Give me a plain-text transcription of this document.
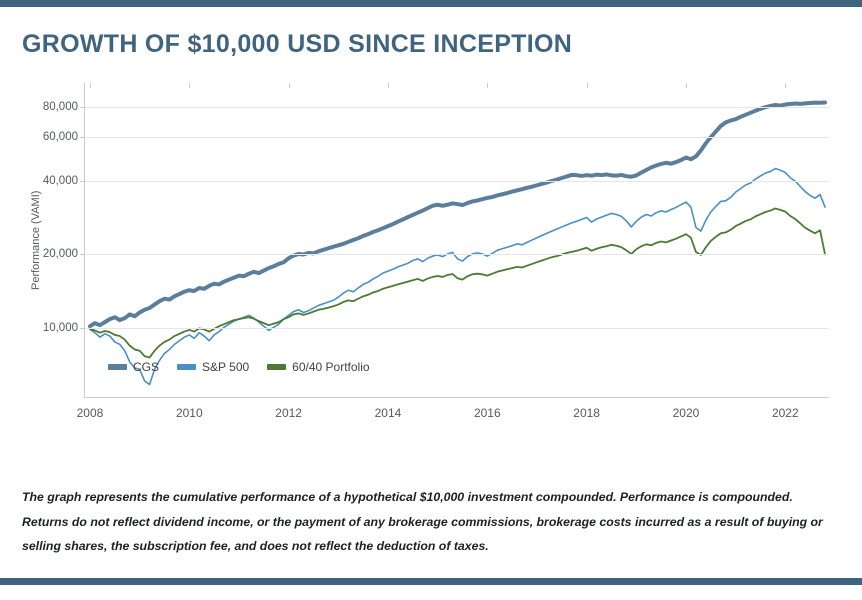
GROWTH OF $10,000 USD SINCE INCEPTION
Performance (VAMI)
10,000
20,000
40,000
60,000
80,000
2008	2010	2012	2014	2016	2018	2020	2022
CGS	S&P 500	60/40 Portfolio
The graph represents the cumulative performance of a hypothetical $10,000 investment compounded. Performance is compounded. Returns do not reflect dividend income, or the payment of any brokerage commissions, brokerage costs incurred as a result of buying or selling shares, the subscription fee, and does not reflect the deduction of taxes.
